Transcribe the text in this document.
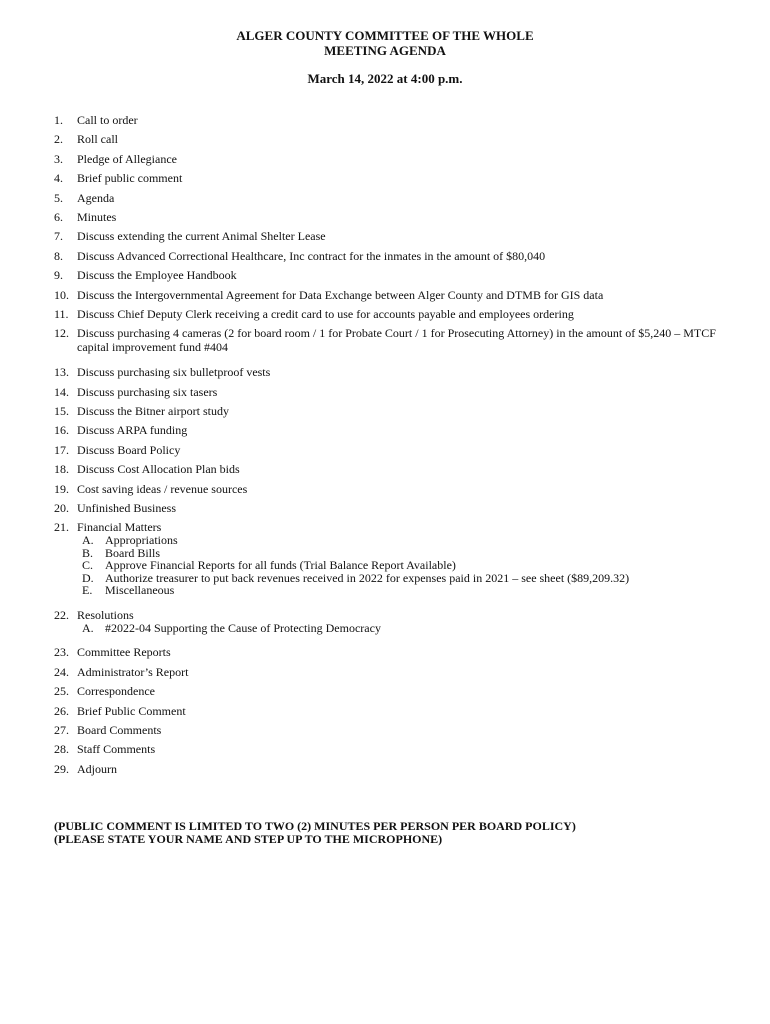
ALGER COUNTY COMMITTEE OF THE WHOLE
MEETING AGENDA
March 14, 2022 at 4:00 p.m.
1.	Call to order
2.	Roll call
3.	Pledge of Allegiance
4.	Brief public comment
5.	Agenda
6.	Minutes
7.	Discuss extending the current Animal Shelter Lease
8.	Discuss Advanced Correctional Healthcare, Inc contract for the inmates in the amount of $80,040
9.	Discuss the Employee Handbook
10. Discuss the Intergovernmental Agreement for Data Exchange between Alger County and DTMB for GIS data
11. Discuss Chief Deputy Clerk receiving a credit card to use for accounts payable and employees ordering
12. Discuss purchasing 4 cameras (2 for board room / 1 for Probate Court / 1 for Prosecuting Attorney) in the amount of $5,240 – MTCF capital improvement fund #404
13. Discuss purchasing six bulletproof vests
14. Discuss purchasing six tasers
15. Discuss the Bitner airport study
16. Discuss ARPA funding
17. Discuss Board Policy
18. Discuss Cost Allocation Plan bids
19. Cost saving ideas / revenue sources
20. Unfinished Business
21. Financial Matters
A. Appropriations
B. Board Bills
C. Approve Financial Reports for all funds (Trial Balance Report Available)
D. Authorize treasurer to put back revenues received in 2022 for expenses paid in 2021 – see sheet ($89,209.32)
E.	Miscellaneous
22. Resolutions
A. #2022-04 Supporting the Cause of Protecting Democracy
23. Committee Reports
24. Administrator’s Report
25. Correspondence
26. Brief Public Comment
27. Board Comments
28. Staff Comments
29. Adjourn
(PUBLIC COMMENT IS LIMITED TO TWO (2) MINUTES PER PERSON PER BOARD POLICY)
(PLEASE STATE YOUR NAME AND STEP UP TO THE MICROPHONE)
